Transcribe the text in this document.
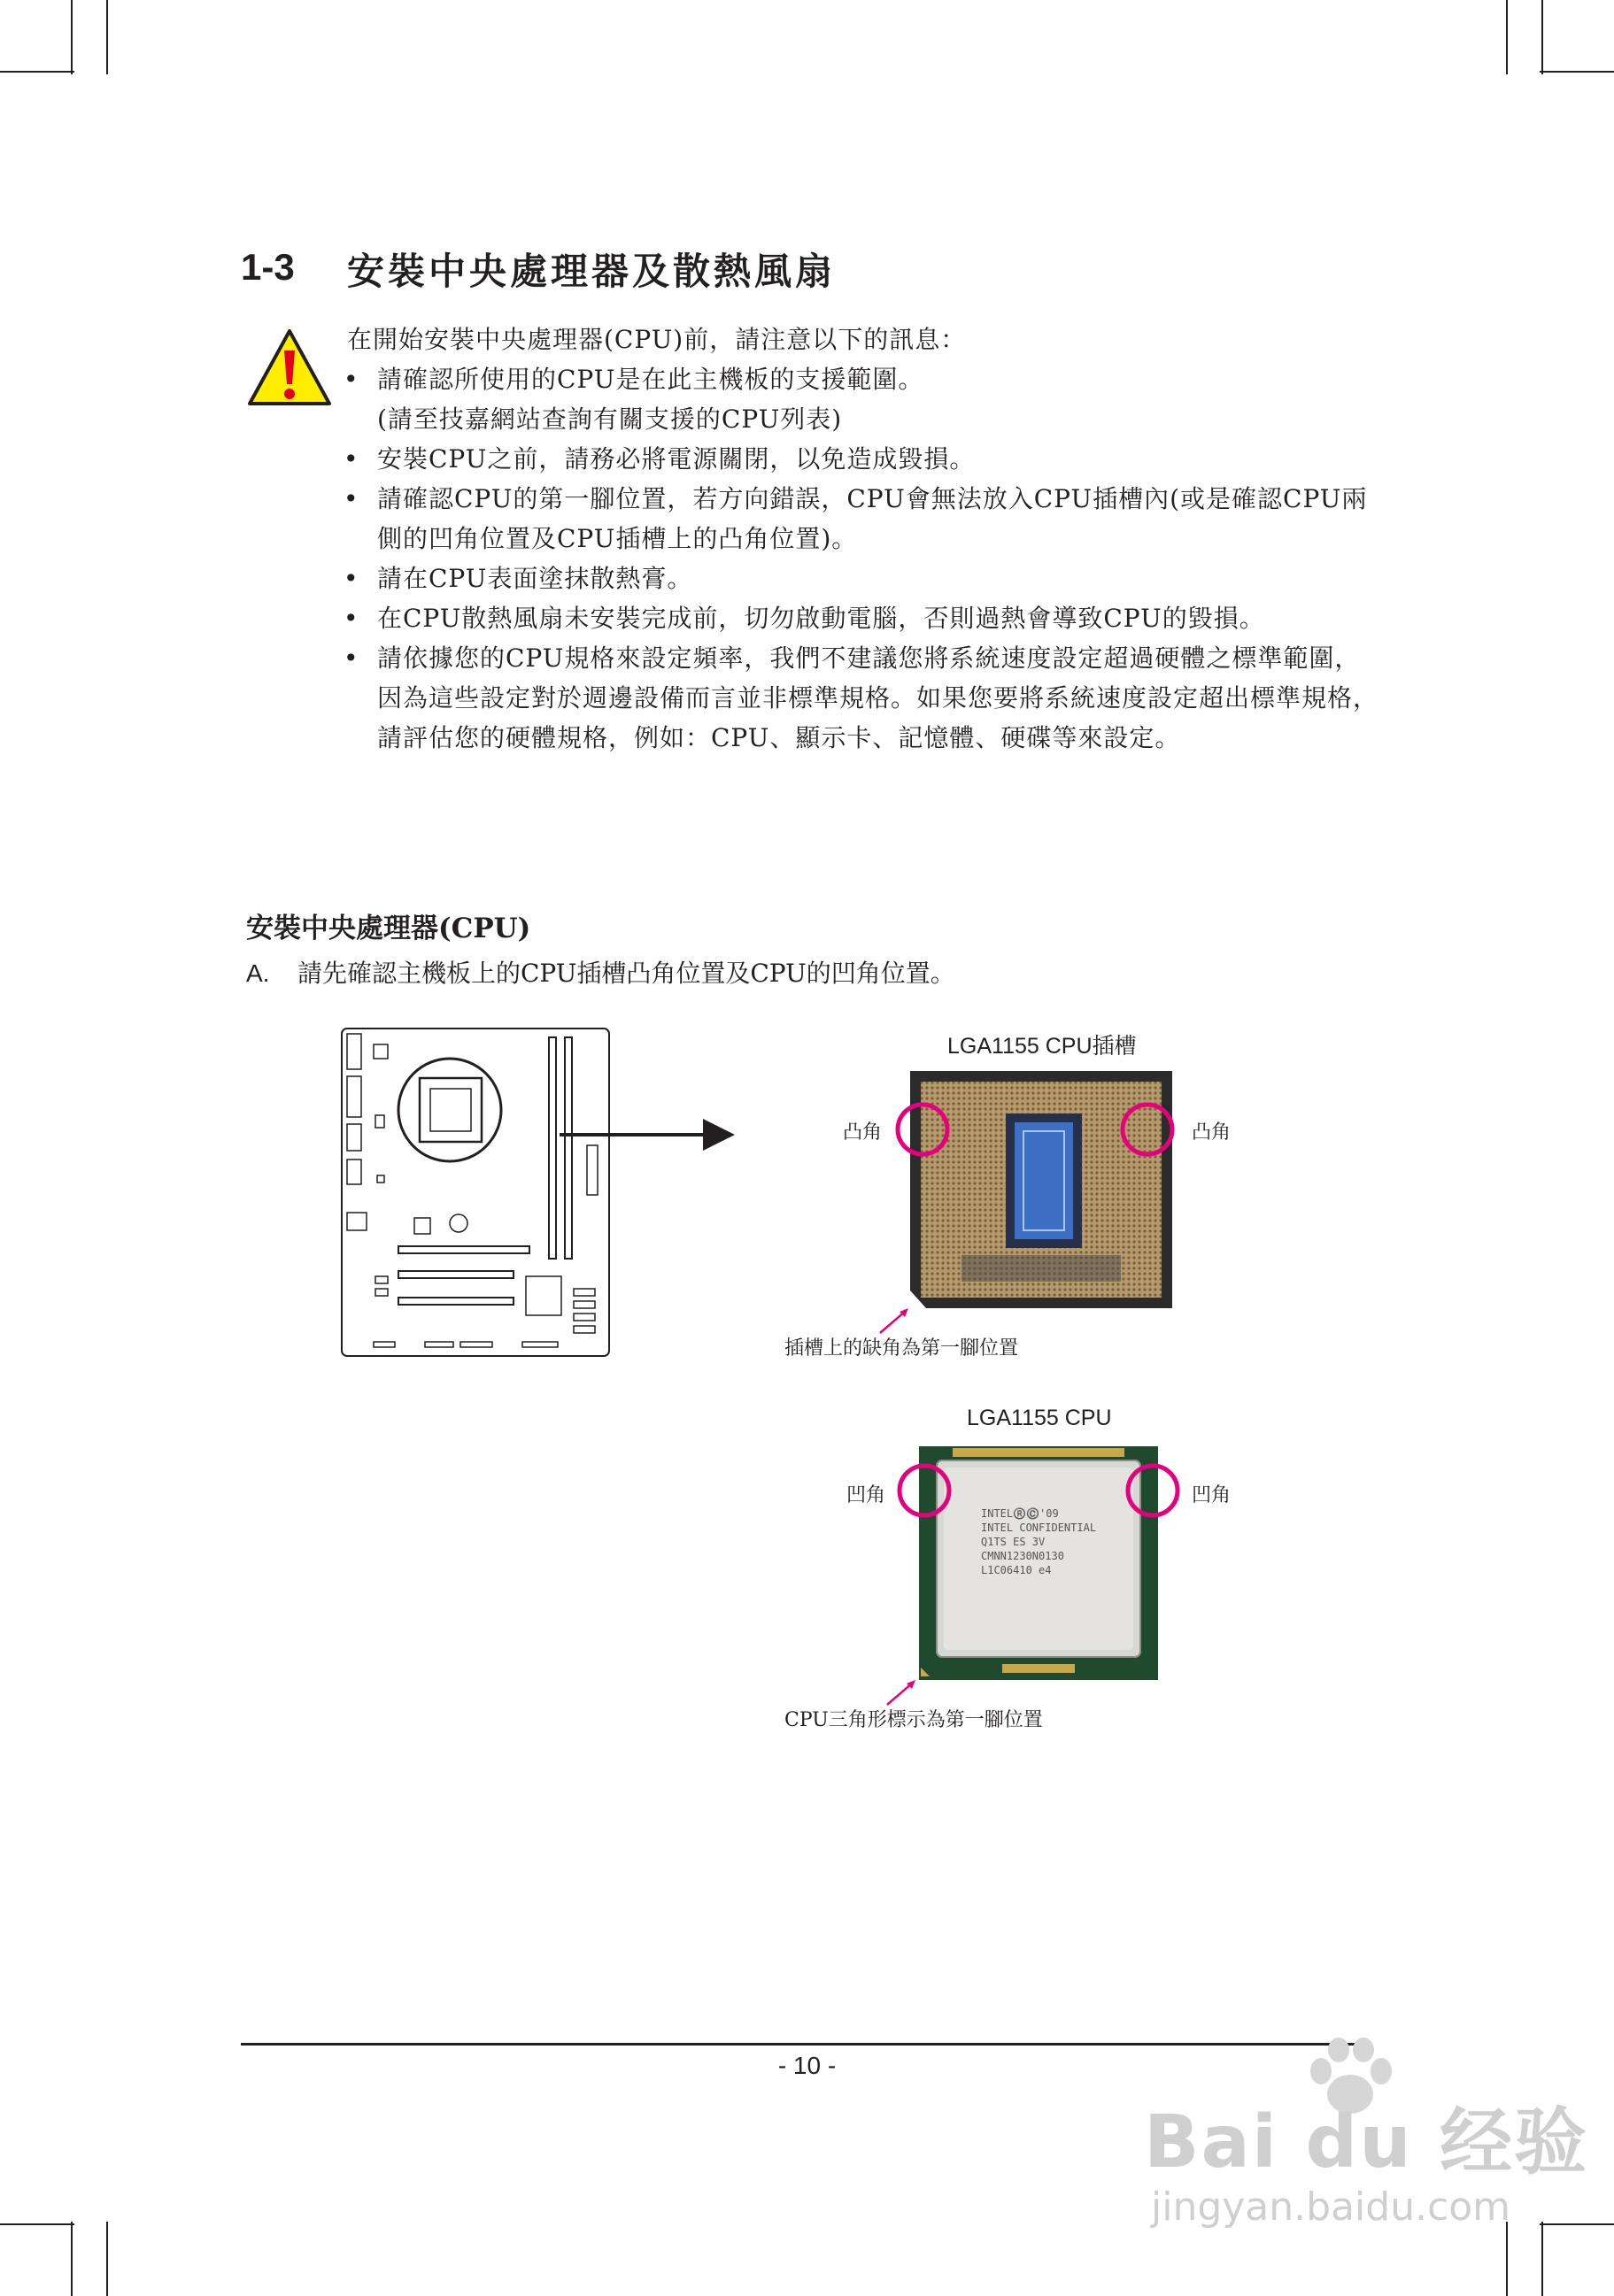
1-3 安裝中央處理器及散熱風扇
在開始安裝中央處理器(CPU)前，請注意以下的訊息：
• 請確認所使用的CPU是在此主機板的支援範圍。
(請至技嘉網站查詢有關支援的CPU列表)
• 安裝CPU之前，請務必將電源關閉，以免造成毀損。
• 請確認CPU的第一腳位置，若方向錯誤，CPU會無法放入CPU插槽內(或是確認CPU兩側的凹角位置及CPU插槽上的凸角位置)。
• 請在CPU表面塗抹散熱膏。
• 在CPU散熱風扇未安裝完成前，切勿啟動電腦，否則過熱會導致CPU的毀損。
• 請依據您的CPU規格來設定頻率，我們不建議您將系統速度設定超過硬體之標準範圍，因為這些設定對於週邊設備而言並非標準規格。如果您要將系統速度設定超出標準規格，請評估您的硬體規格，例如：CPU、顯示卡、記憶體、硬碟等來設定。
安裝中央處理器(CPU)
A. 請先確認主機板上的CPU插槽凸角位置及CPU的凹角位置。
LGA1155 CPU插槽
凸角	凸角
插槽上的缺角為第一腳位置
LGA1155 CPU
INTEL®️©️'09
INTEL CONFIDENTIAL
Q1TS ES 3V
CMNN1230N0130
L1C06410 e4
凹角	凹角
CPU三角形標示為第一腳位置
- 10 -
Bai du 经验
jingyan.baidu.com
